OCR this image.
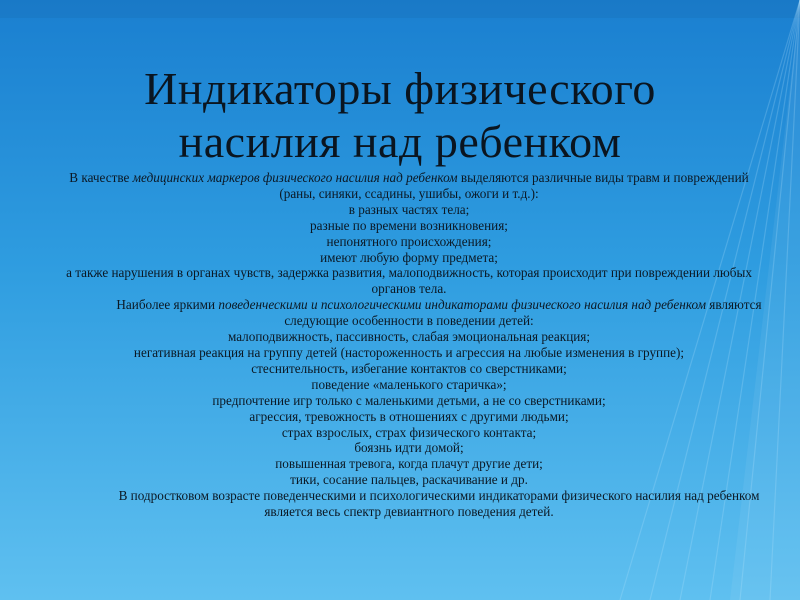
Индикаторы физического
насилия над ребенком

В качестве медицинских маркеров физического насилия над ребенком выделяются различные виды травм и повреждений (раны, синяки, ссадины, ушибы, ожоги и т.д.):

в разных частях тела;

разные по времени возникновения;

непонятного происхождения;

имеют любую форму предмета;

а также нарушения в органах чувств, задержка развития, малоподвижность, которая происходит при повреждении любых органов тела.

Наиболее яркими поведенческими и психологическими индикаторами физического насилия над ребенком являются следующие особенности в поведении детей:

малоподвижность, пассивность, слабая эмоциональная реакция;

негативная реакция на группу детей (настороженность и агрессия на любые изменения в группе);

стеснительность, избегание контактов со сверстниками;

поведение «маленького старичка»;

предпочтение игр только с маленькими детьми, а не со сверстниками;

агрессия, тревожность в отношениях с другими людьми;

страх взрослых, страх физического контакта;

боязнь идти домой;

повышенная тревога, когда плачут другие дети;

тики, сосание пальцев, раскачивание и др.

В подростковом возрасте поведенческими и психологическими индикаторами физического насилия над ребенком является весь спектр девиантного поведения детей.
